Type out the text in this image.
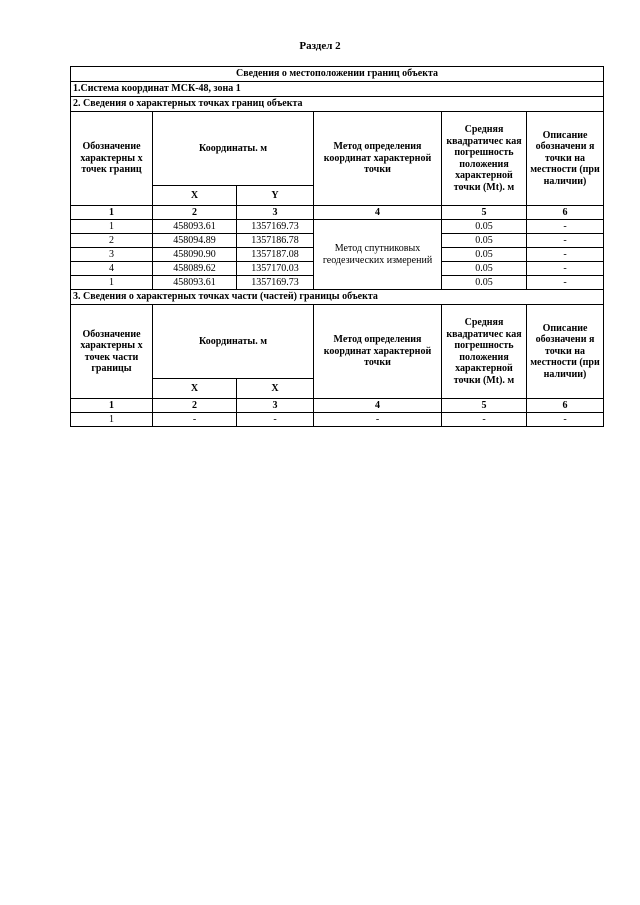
Раздел 2
Сведения о местоположении границ объекта					
1.Система координат МСК-48, зона 1					
2. Сведения о характерных точках границ объекта					
Обозначение характерны х точек границ	Координаты. м		Метод определения координат характерной точки	Средняя квадратичес кая погрешность положения характерной точки (Mt). м	Описание обозначени я точки на местности (при наличии)
	X	Y			
1	2	3	4	5	6
1	458093.61	1357169.73	Метод спутниковых геодезических измерений	0.05	-
2	458094.89	1357186.78		0.05	-
3	458090.90	1357187.08		0.05	-
4	458089.62	1357170.03		0.05	-
1	458093.61	1357169.73		0.05	-
3. Сведения о характерных точках части (частей) границы объекта					
Обозначение характерны х точек части границы	Координаты. м		Метод определения координат характерной точки	Средняя квадратичес кая погрешность положения характерной точки (Mt). м	Описание обозначени я точки на местности (при наличии)
	X	X			
1	2	3	4	5	6
1	-	-	-	-	-
